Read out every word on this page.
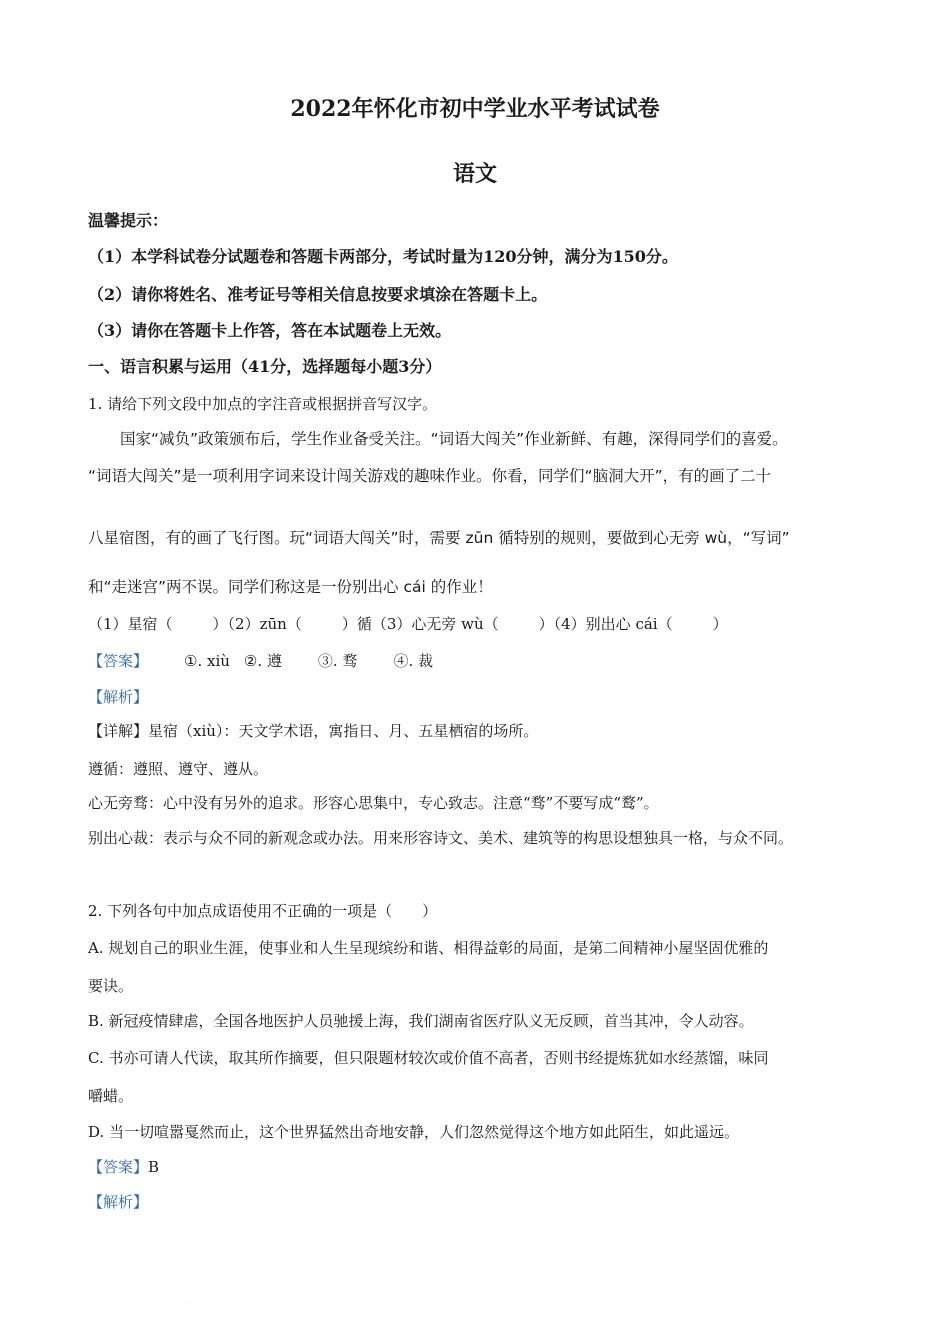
2022年怀化市初中学业水平考试试卷
语文
温馨提示：
（1）本学科试卷分试题卷和答题卡两部分，考试时量为120分钟，满分为150分。
（2）请你将姓名、准考证号等相关信息按要求填涂在答题卡上。
（3）请你在答题卡上作答，答在本试题卷上无效。
一、语言积累与运用（41分，选择题每小题3分）
1. 请给下列文段中加点的字注音或根据拼音写汉字。
国家“减负”政策颁布后，学生作业备受关注。“词语大闯关”作业新鲜、有趣，深得同学们的喜爱。
“词语大闯关”是一项利用字词来设计闯关游戏的趣味作业。你看，同学们“脑洞大开”，有的画了二十
八星宿图，有的画了飞行图。玩“词语大闯关”时，需要 zūn 循特别的规则，要做到心无旁 wù，“写词”
和“走迷宫”两不误。同学们称这是一份别出心 cái 的作业！
（1）星宿（	）（2）zūn（	）循（3）心无旁 wù（	）（4）别出心 cái（	）
【答案】 ①. xiù ②. 遵 ③. 骛 ④. 裁
【解析】
【详解】星宿（xiù）：天文学术语，寓指日、月、五星栖宿的场所。
遵循：遵照、遵守、遵从。
心无旁骛：心中没有另外的追求。形容心思集中，专心致志。注意“骛”不要写成“鹜”。
别出心裁：表示与众不同的新观念或办法。用来形容诗文、美术、建筑等的构思设想独具一格，与众不同。
2. 下列各句中加点成语使用不正确的一项是（　　）
A. 规划自己的职业生涯，使事业和人生呈现缤纷和谐、相得益彰的局面，是第二间精神小屋坚固优雅的
要诀。
B. 新冠疫情肆虐，全国各地医护人员驰援上海，我们湖南省医疗队义无反顾，首当其冲，令人动容。
C. 书亦可请人代读，取其所作摘要，但只限题材较次或价值不高者，否则书经提炼犹如水经蒸馏，味同
嚼蜡。
D. 当一切喧嚣戛然而止，这个世界猛然出奇地安静，人们忽然觉得这个地方如此陌生，如此遥远。
【答案】B
【解析】
·
